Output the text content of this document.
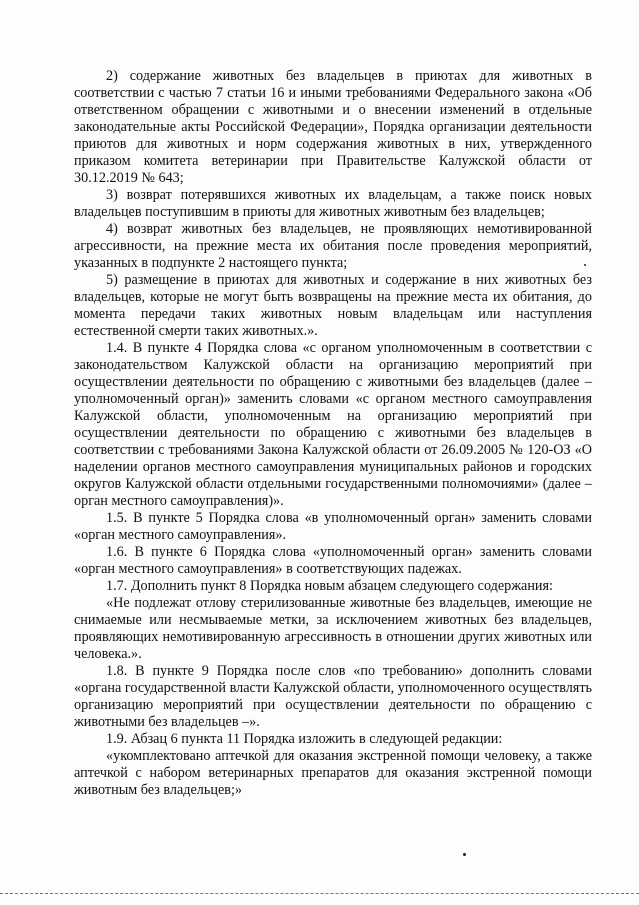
2) содержание животных без владельцев в приютах для животных в соответствии с частью 7 статьи 16 и иными требованиями Федерального закона «Об ответственном обращении с животными и о внесении изменений в отдельные законодательные акты Российской Федерации», Порядка организации деятельности приютов для животных и норм содержания животных в них, утвержденного приказом комитета ветеринарии при Правительстве Калужской области от 30.12.2019 № 643;

3) возврат потерявшихся животных их владельцам, а также поиск новых владельцев поступившим в приюты для животных животным без владельцев;

4) возврат животных без владельцев, не проявляющих немотивированной агрессивности, на прежние места их обитания после проведения мероприятий, указанных в подпункте 2 настоящего пункта;

5) размещение в приютах для животных и содержание в них животных без владельцев, которые не могут быть возвращены на прежние места их обитания, до момента передачи таких животных новым владельцам или наступления естественной смерти таких животных.».

1.4. В пункте 4 Порядка слова «с органом уполномоченным в соответствии с законодательством Калужской области на организацию мероприятий при осуществлении деятельности по обращению с животными без владельцев (далее – уполномоченный орган)» заменить словами «с органом местного самоуправления Калужской области, уполномоченным на организацию мероприятий при осуществлении деятельности по обращению с животными без владельцев в соответствии с требованиями Закона Калужской области от 26.09.2005 № 120-ОЗ «О наделении органов местного самоуправления муниципальных районов и городских округов Калужской области отдельными государственными полномочиями» (далее – орган местного самоуправления)».

1.5. В пункте 5 Порядка слова «в уполномоченный орган» заменить словами «орган местного самоуправления».

1.6. В пункте 6 Порядка слова «уполномоченный орган» заменить словами «орган местного самоуправления» в соответствующих падежах.

1.7. Дополнить пункт 8 Порядка новым абзацем следующего содержания:

«Не подлежат отлову стерилизованные животные без владельцев, имеющие не снимаемые или несмываемые метки, за исключением животных без владельцев, проявляющих немотивированную агрессивность в отношении других животных или человека.».

1.8. В пункте 9 Порядка после слов «по требованию» дополнить словами «органа государственной власти Калужской области, уполномоченного осуществлять организацию мероприятий при осуществлении деятельности по обращению с животными без владельцев –».

1.9. Абзац 6 пункта 11 Порядка изложить в следующей редакции:

«укомплектовано аптечкой для оказания экстренной помощи человеку, а также аптечкой с набором ветеринарных препаратов для оказания экстренной помощи животным без владельцев;»
